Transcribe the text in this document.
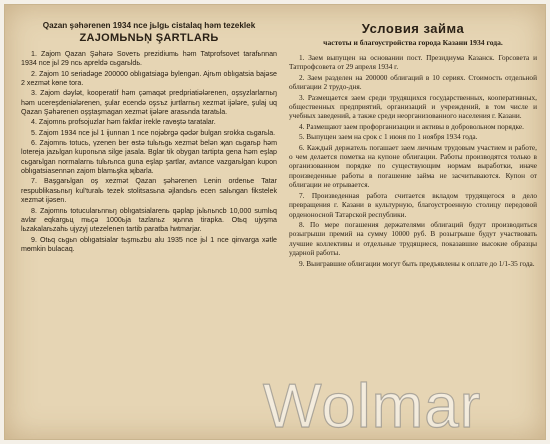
Qazan şəhərenen 1934 nce jьlgь cistalaq həm tezeklek
ZAJOMЬNЬŅ ŞARTLARЬ

1. Zajom Qazan Şəhərə Soveть prezidiumь həm Tatprofsovet tarafьnnan 1934 nce jьl 29 ncь apreldə cьgarьldь.

2. Zajom 10 seriadəge 200000 oblıgatsiagə bylengən. Ajrьm oblıgatsia bajəse 2 xezmət kөne tora.

3. Zajom dəylət, kooperatif həm çəmaqət predpriatiələrenen, oşsyzlarlarnьŋ həm ucereşdeniələrenen, şular ecendə oşsъz jurtlarnьŋ xezmət ijələre, şulaj uq Qazan Şəhərenen oşştaşmagan xezmət ijələre arasьnda taratьla.

4. Zajomnь profsojuzlar həm faktlar irekle ravөştə taratalar.

5. Zajom 1934 nce jьl 1 ijunnan 1 nce nojəbrgə qədər bulgan srokka cьgarьla.

6. Zajomnь totucь, үzenen ber өstə tulьrьgь xezmət belən җan cьgarьp həm lotereja jazьlgan kuponьna silge jasala. Bglar tik obygan tartipta gena həm eşlap cьgarьlgan normalarnь tulьrьnca guna eşlap şartlar, avtance vazgarьlgan kupon oblıgatsiasennən zajom blamьşka җibarla.

7. Başgarьlgan oş xezmət Qazan şəhərenen Lenin ordenьe Tatar respublikasьnьŋ kul'turalь tezek stolitsasьna əjlandьrь ecen salьngan fikstelek xezmət ijəsen.

8. Zajomnь totucularьnnьŋ oblıgatsialarenь qəplap jьlьnьncb 10,000 sumlьq avlar eqkargьц mьçə 1000ьja tazlanьz җьnna tirapka. Otьq ujyşma lьzakalarьzahь ujyzyj utezelenen tartib paratba hиtmarjar.

9. Otьq cьgьn oblıgatsialar tьşmьzbu alu 1935 nce jьl 1 nce qinvarga xətle mөmkin bulacaq.

Условия займа
частоты и благоустройства города Казани 1934 года.

1. Заем выпущен на основании пост. Президиума Казанск. Горсовета и Татпрофсовета от 29 апреля 1934 г.

2. Заем разделен на 200000 облигаций в 10 сериях. Стоимость отдельной облигации 2 трудо-дня.

3. Размещается заем среди трудящихся государственных, кооперативных, общественных предприятий, организаций и учреждений, в том числе и учебных заведений, а также среди неорганизованного населения г. Казани.

4. Размещают заем профорганизации и активы в добровольном порядке.

5. Выпущен заем на срок с 1 июня по 1 ноября 1934 года.

6. Каждый держатель погашает заем личным трудовым участием и работе, о чем делается пометка на купоне облигации. Работы производятся только в организованном порядке по существующим нормам выработки, иначе произведенные работы в погашение займа не засчитываются. Купон от облигации не отрывается.

7. Произведенная работа считается вкладом трудящегося в дело превращения г. Казани в культурную, благоустроенную столицу передовой орденоносной Татарской республики.

8. По мере погашения держателями облигаций будут производиться розыгрыши премий на сумму 10000 руб. В розыгрыше будут участвовать лучшие коллективы и отдельные трудящиеся, показавшие высокие образцы ударной работы.

9. Выигравшие облигации могут быть предъявлены к оплате до 1/1-35 года.

Wolmar
